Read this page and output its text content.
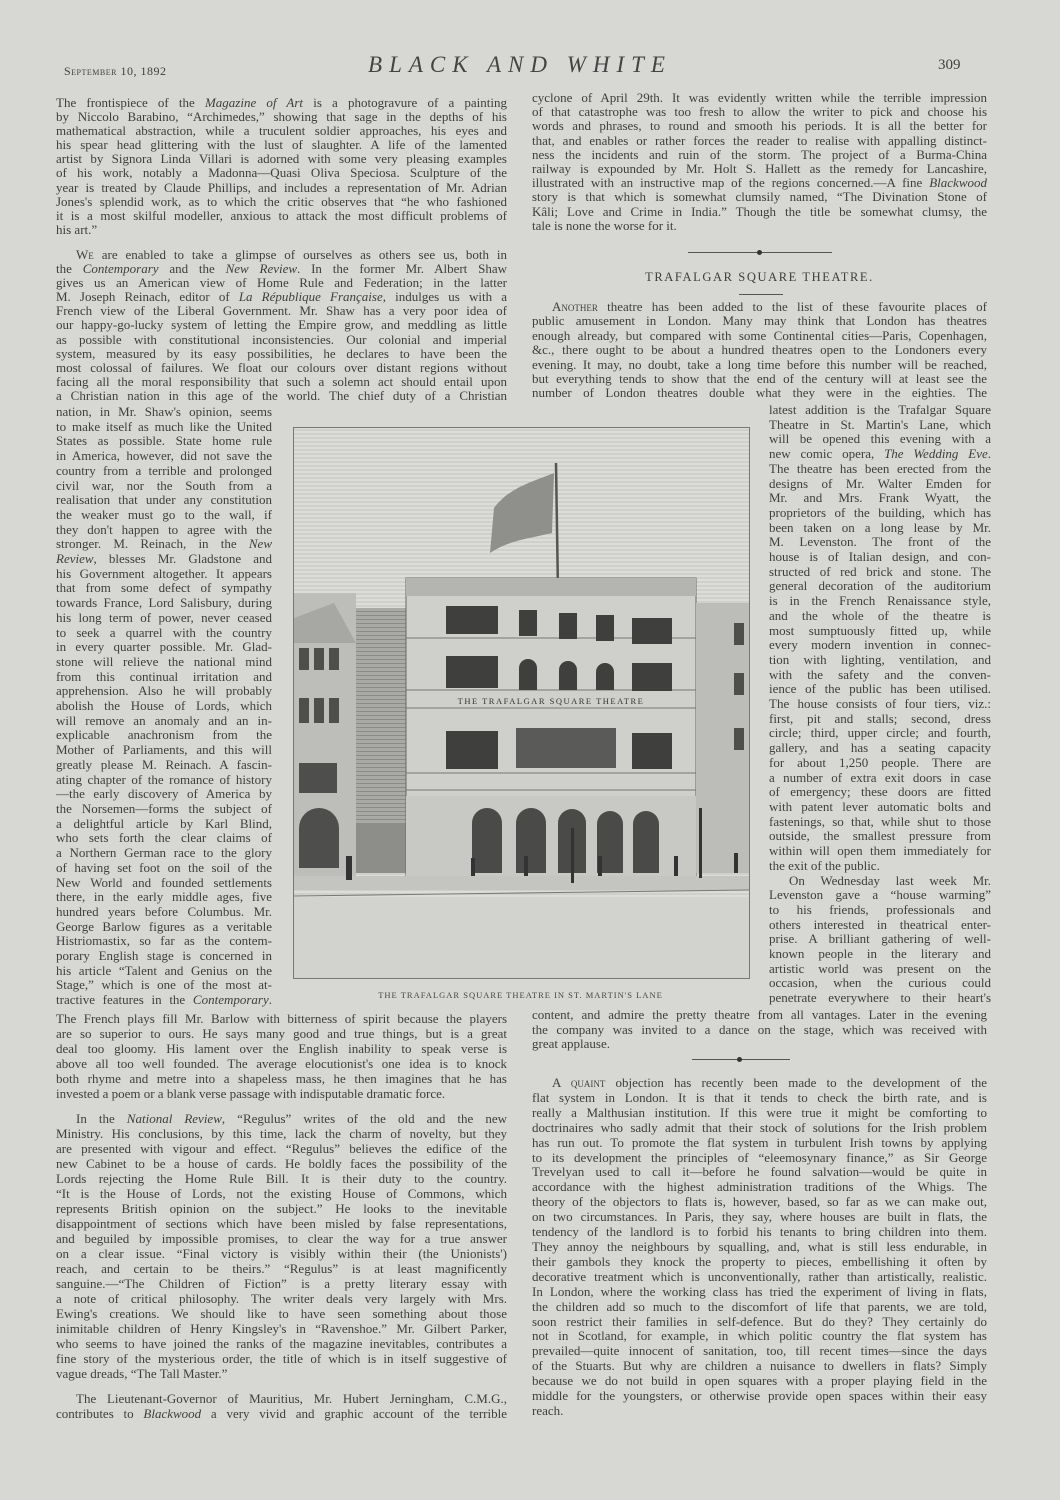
September 10, 1892	BLACK AND WHITE	309
The frontispiece of the Magazine of Art is a photogravure of a painting
by Niccolo Barabino, “Archimedes,” showing that sage in the depths of his
mathematical abstraction, while a truculent soldier approaches, his eyes and
his spear head glittering with the lust of slaughter. A life of the lamented
artist by Signora Linda Villari is adorned with some very pleasing examples
of his work, notably a Madonna—Quasi Oliva Speciosa. Sculpture of the
year is treated by Claude Phillips, and includes a representation of Mr. Adrian
Jones's splendid work, as to which the critic observes that “he who fashioned
it is a most skilful modeller, anxious to attack the most difficult problems of
his art.”
We are enabled to take a glimpse of ourselves as others see us, both in
the Contemporary and the New Review. In the former Mr. Albert Shaw
gives us an American view of Home Rule and Federation; in the latter
M. Joseph Reinach, editor of La République Française, indulges us with a
French view of the Liberal Government. Mr. Shaw has a very poor idea of
our happy-go-lucky system of letting the Empire grow, and meddling as little
as possible with constitutional inconsistencies. Our colonial and imperial
system, measured by its easy possibilities, he declares to have been the
most colossal of failures. We float our colours over distant regions without
facing all the moral responsibility that such a solemn act should entail upon
a Christian nation in this age of the world. The chief duty of a Christian
nation, in Mr. Shaw's opinion, seems
to make itself as much like the United
States as possible. State home rule
in America, however, did not save the
country from a terrible and prolonged
civil war, nor the South from a
realisation that under any constitution
the weaker must go to the wall, if
they don't happen to agree with the
stronger. M. Reinach, in the New
Review, blesses Mr. Gladstone and
his Government altogether. It appears
that from some defect of sympathy
towards France, Lord Salisbury, during
his long term of power, never ceased
to seek a quarrel with the country
in every quarter possible. Mr. Glad-
stone will relieve the national mind
from this continual irritation and
apprehension. Also he will probably
abolish the House of Lords, which
will remove an anomaly and an in-
explicable anachronism from the
Mother of Parliaments, and this will
greatly please M. Reinach. A fascin-
ating chapter of the romance of history
—the early discovery of America by
the Norsemen—forms the subject of
a delightful article by Karl Blind,
who sets forth the clear claims of
a Northern German race to the glory
of having set foot on the soil of the
New World and founded settlements
there, in the early middle ages, five
hundred years before Columbus. Mr.
George Barlow figures as a veritable
Histriomastix, so far as the contem-
porary English stage is concerned in
his article “Talent and Genius on the
Stage,” which is one of the most at-
tractive features in the Contemporary.
The French plays fill Mr. Barlow with bitterness of spirit because the players
are so superior to ours. He says many good and true things, but is a great
deal too gloomy. His lament over the English inability to speak verse is
above all too well founded. The average elocutionist's one idea is to knock
both rhyme and metre into a shapeless mass, he then imagines that he has
invested a poem or a blank verse passage with indisputable dramatic force.
In the National Review, “Regulus” writes of the old and the new
Ministry. His conclusions, by this time, lack the charm of novelty, but they
are presented with vigour and effect. “Regulus” believes the edifice of the
new Cabinet to be a house of cards. He boldly faces the possibility of the
Lords rejecting the Home Rule Bill. It is their duty to the country.
“It is the House of Lords, not the existing House of Commons, which
represents British opinion on the subject.” He looks to the inevitable
disappointment of sections which have been misled by false representations,
and beguiled by impossible promises, to clear the way for a true answer
on a clear issue. “Final victory is visibly within their (the Unionists')
reach, and certain to be theirs.” “Regulus” is at least magnificently
sanguine.—“The Children of Fiction” is a pretty literary essay with
a note of critical philosophy. The writer deals very largely with Mrs.
Ewing's creations. We should like to have seen something about those
inimitable children of Henry Kingsley's in “Ravenshoe.” Mr. Gilbert Parker,
who seems to have joined the ranks of the magazine inevitables, contributes a
fine story of the mysterious order, the title of which is in itself suggestive of
vague dreads, “The Tall Master.”
The Lieutenant-Governor of Mauritius, Mr. Hubert Jerningham, C.M.G.,
contributes to Blackwood a very vivid and graphic account of the terrible
cyclone of April 29th. It was evidently written while the terrible impression
of that catastrophe was too fresh to allow the writer to pick and choose his
words and phrases, to round and smooth his periods. It is all the better for
that, and enables or rather forces the reader to realise with appalling distinct-
ness the incidents and ruin of the storm. The project of a Burma-China
railway is expounded by Mr. Holt S. Hallett as the remedy for Lancashire,
illustrated with an instructive map of the regions concerned.—A fine Blackwood
story is that which is somewhat clumsily named, “The Divination Stone of
Kâli; Love and Crime in India.” Though the title be somewhat clumsy, the
tale is none the worse for it.
TRAFALGAR SQUARE THEATRE.
Another theatre has been added to the list of these favourite places of
public amusement in London. Many may think that London has theatres
enough already, but compared with some Continental cities—Paris, Copenhagen,
&c., there ought to be about a hundred theatres open to the Londoners every
evening. It may, no doubt, take a long time before this number will be reached,
but everything tends to show that the end of the century will at least see the
number of London theatres double what they were in the eighties. The
latest addition is the Trafalgar Square
Theatre in St. Martin's Lane, which
will be opened this evening with a
new comic opera, The Wedding Eve.
The theatre has been erected from the
designs of Mr. Walter Emden for
Mr. and Mrs. Frank Wyatt, the
proprietors of the building, which has
been taken on a long lease by Mr.
M. Levenston. The front of the
house is of Italian design, and con-
structed of red brick and stone. The
general decoration of the auditorium
is in the French Renaissance style,
and the whole of the theatre is
most sumptuously fitted up, while
every modern invention in connec-
tion with lighting, ventilation, and
with the safety and the conven-
ience of the public has been utilised.
The house consists of four tiers, viz.:
first, pit and stalls; second, dress
circle; third, upper circle; and fourth,
gallery, and has a seating capacity
for about 1,250 people. There are
a number of extra exit doors in case
of emergency; these doors are fitted
with patent lever automatic bolts and
fastenings, so that, while shut to those
outside, the smallest pressure from
within will open them immediately for
the exit of the public.
On Wednesday last week Mr.
Levenston gave a “house warming”
to his friends, professionals and
others interested in theatrical enter-
prise. A brilliant gathering of well-
known people in the literary and
artistic world was present on the
occasion, when the curious could
penetrate everywhere to their heart's
content, and admire the pretty theatre from all vantages. Later in the evening
the company was invited to a dance on the stage, which was received with
great applause.
A quaint objection has recently been made to the development of the
flat system in London. It is that it tends to check the birth rate, and is
really a Malthusian institution. If this were true it might be comforting to
doctrinaires who sadly admit that their stock of solutions for the Irish problem
has run out. To promote the flat system in turbulent Irish towns by applying
to its development the principles of “eleemosynary finance,” as Sir George
Trevelyan used to call it—before he found salvation—would be quite in
accordance with the highest administration traditions of the Whigs. The
theory of the objectors to flats is, however, based, so far as we can make out,
on two circumstances. In Paris, they say, where houses are built in flats, the
tendency of the landlord is to forbid his tenants to bring children into them.
They annoy the neighbours by squalling, and, what is still less endurable, in
their gambols they knock the property to pieces, embellishing it often by
decorative treatment which is unconventionally, rather than artistically, realistic.
In London, where the working class has tried the experiment of living in flats,
the children add so much to the discomfort of life that parents, we are told,
soon restrict their families in self-defence. But do they? They certainly do
not in Scotland, for example, in which politic country the flat system has
prevailed—quite innocent of sanitation, too, till recent times—since the days
of the Stuarts. But why are children a nuisance to dwellers in flats? Simply
because we do not build in open squares with a proper playing field in the
middle for the youngsters, or otherwise provide open spaces within their easy
reach.
THE TRAFALGAR SQUARE THEATRE
THE TRAFALGAR SQUARE THEATRE IN ST. MARTIN'S LANE
